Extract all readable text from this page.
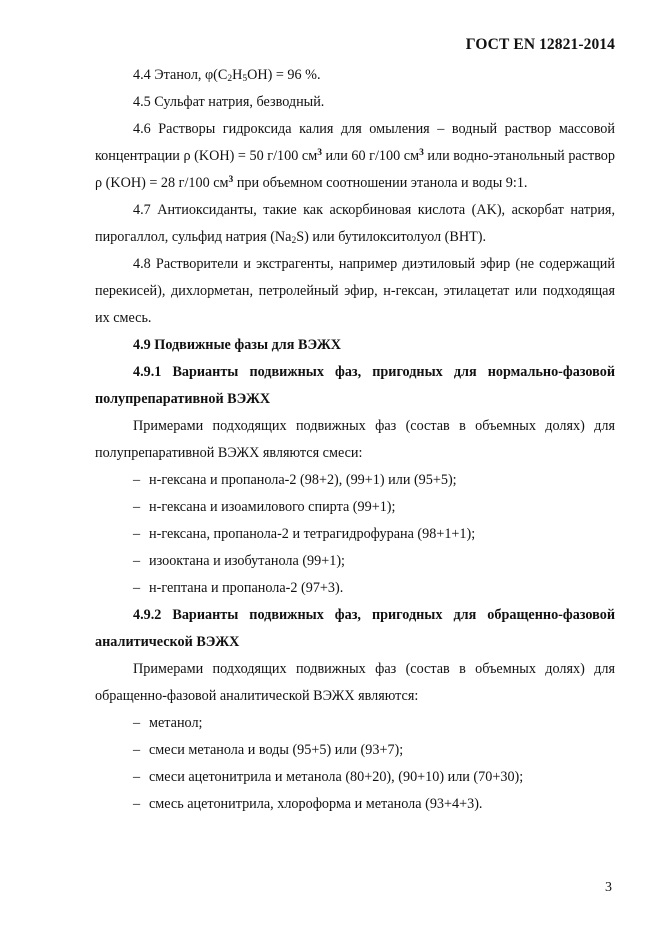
ГОСТ EN 12821-2014

4.4 Этанол, $\varphi(C_2H_5OH) = 96$ %.

4.5 Сульфат натрия, безводный.

4.6 Растворы гидроксида калия для омыления – водный раствор массовой концентрации ρ (KOH) = 50 г/100 $см^3$ или 60 г/100 $см^3$ или водно-этанольный раствор ρ (KOH) = 28 г/100 $см^3$ при объемном соотношении этанола и воды 9:1.

4.7 Антиоксиданты, такие как аскорбиновая кислота (AK), аскорбат натрия, пирогаллол, сульфид натрия $(Na_2S)$ или бутилокситолуол (BHT).

4.8 Растворители и экстрагенты, например диэтиловый эфир (не содержащий перекисей), дихлорметан, петролейный эфир, н-гексан, этилацетат или подходящая их смесь.

4.9 Подвижные фазы для ВЭЖХ

4.9.1 Варианты подвижных фаз, пригодных для нормально-фазовой полупрепаративной ВЭЖХ

Примерами подходящих подвижных фаз (состав в объемных долях) для полупрепаративной ВЭЖХ являются смеси:

– н-гексана и пропанола-2 (98+2), (99+1) или (95+5);
– н-гексана и изоамилового спирта (99+1);
– н-гексана, пропанола-2 и тетрагидрофурана (98+1+1);
– изооктана и изобутанола (99+1);
– н-гептана и пропанола-2 (97+3).

4.9.2 Варианты подвижных фаз, пригодных для обращенно-фазовой аналитической ВЭЖХ

Примерами подходящих подвижных фаз (состав в объемных долях) для обращенно-фазовой аналитической ВЭЖХ являются:

– метанол;
– смеси метанола и воды (95+5) или (93+7);
– смеси ацетонитрила и метанола (80+20), (90+10) или (70+30);
– смесь ацетонитрила, хлороформа и метанола (93+4+3).
3
